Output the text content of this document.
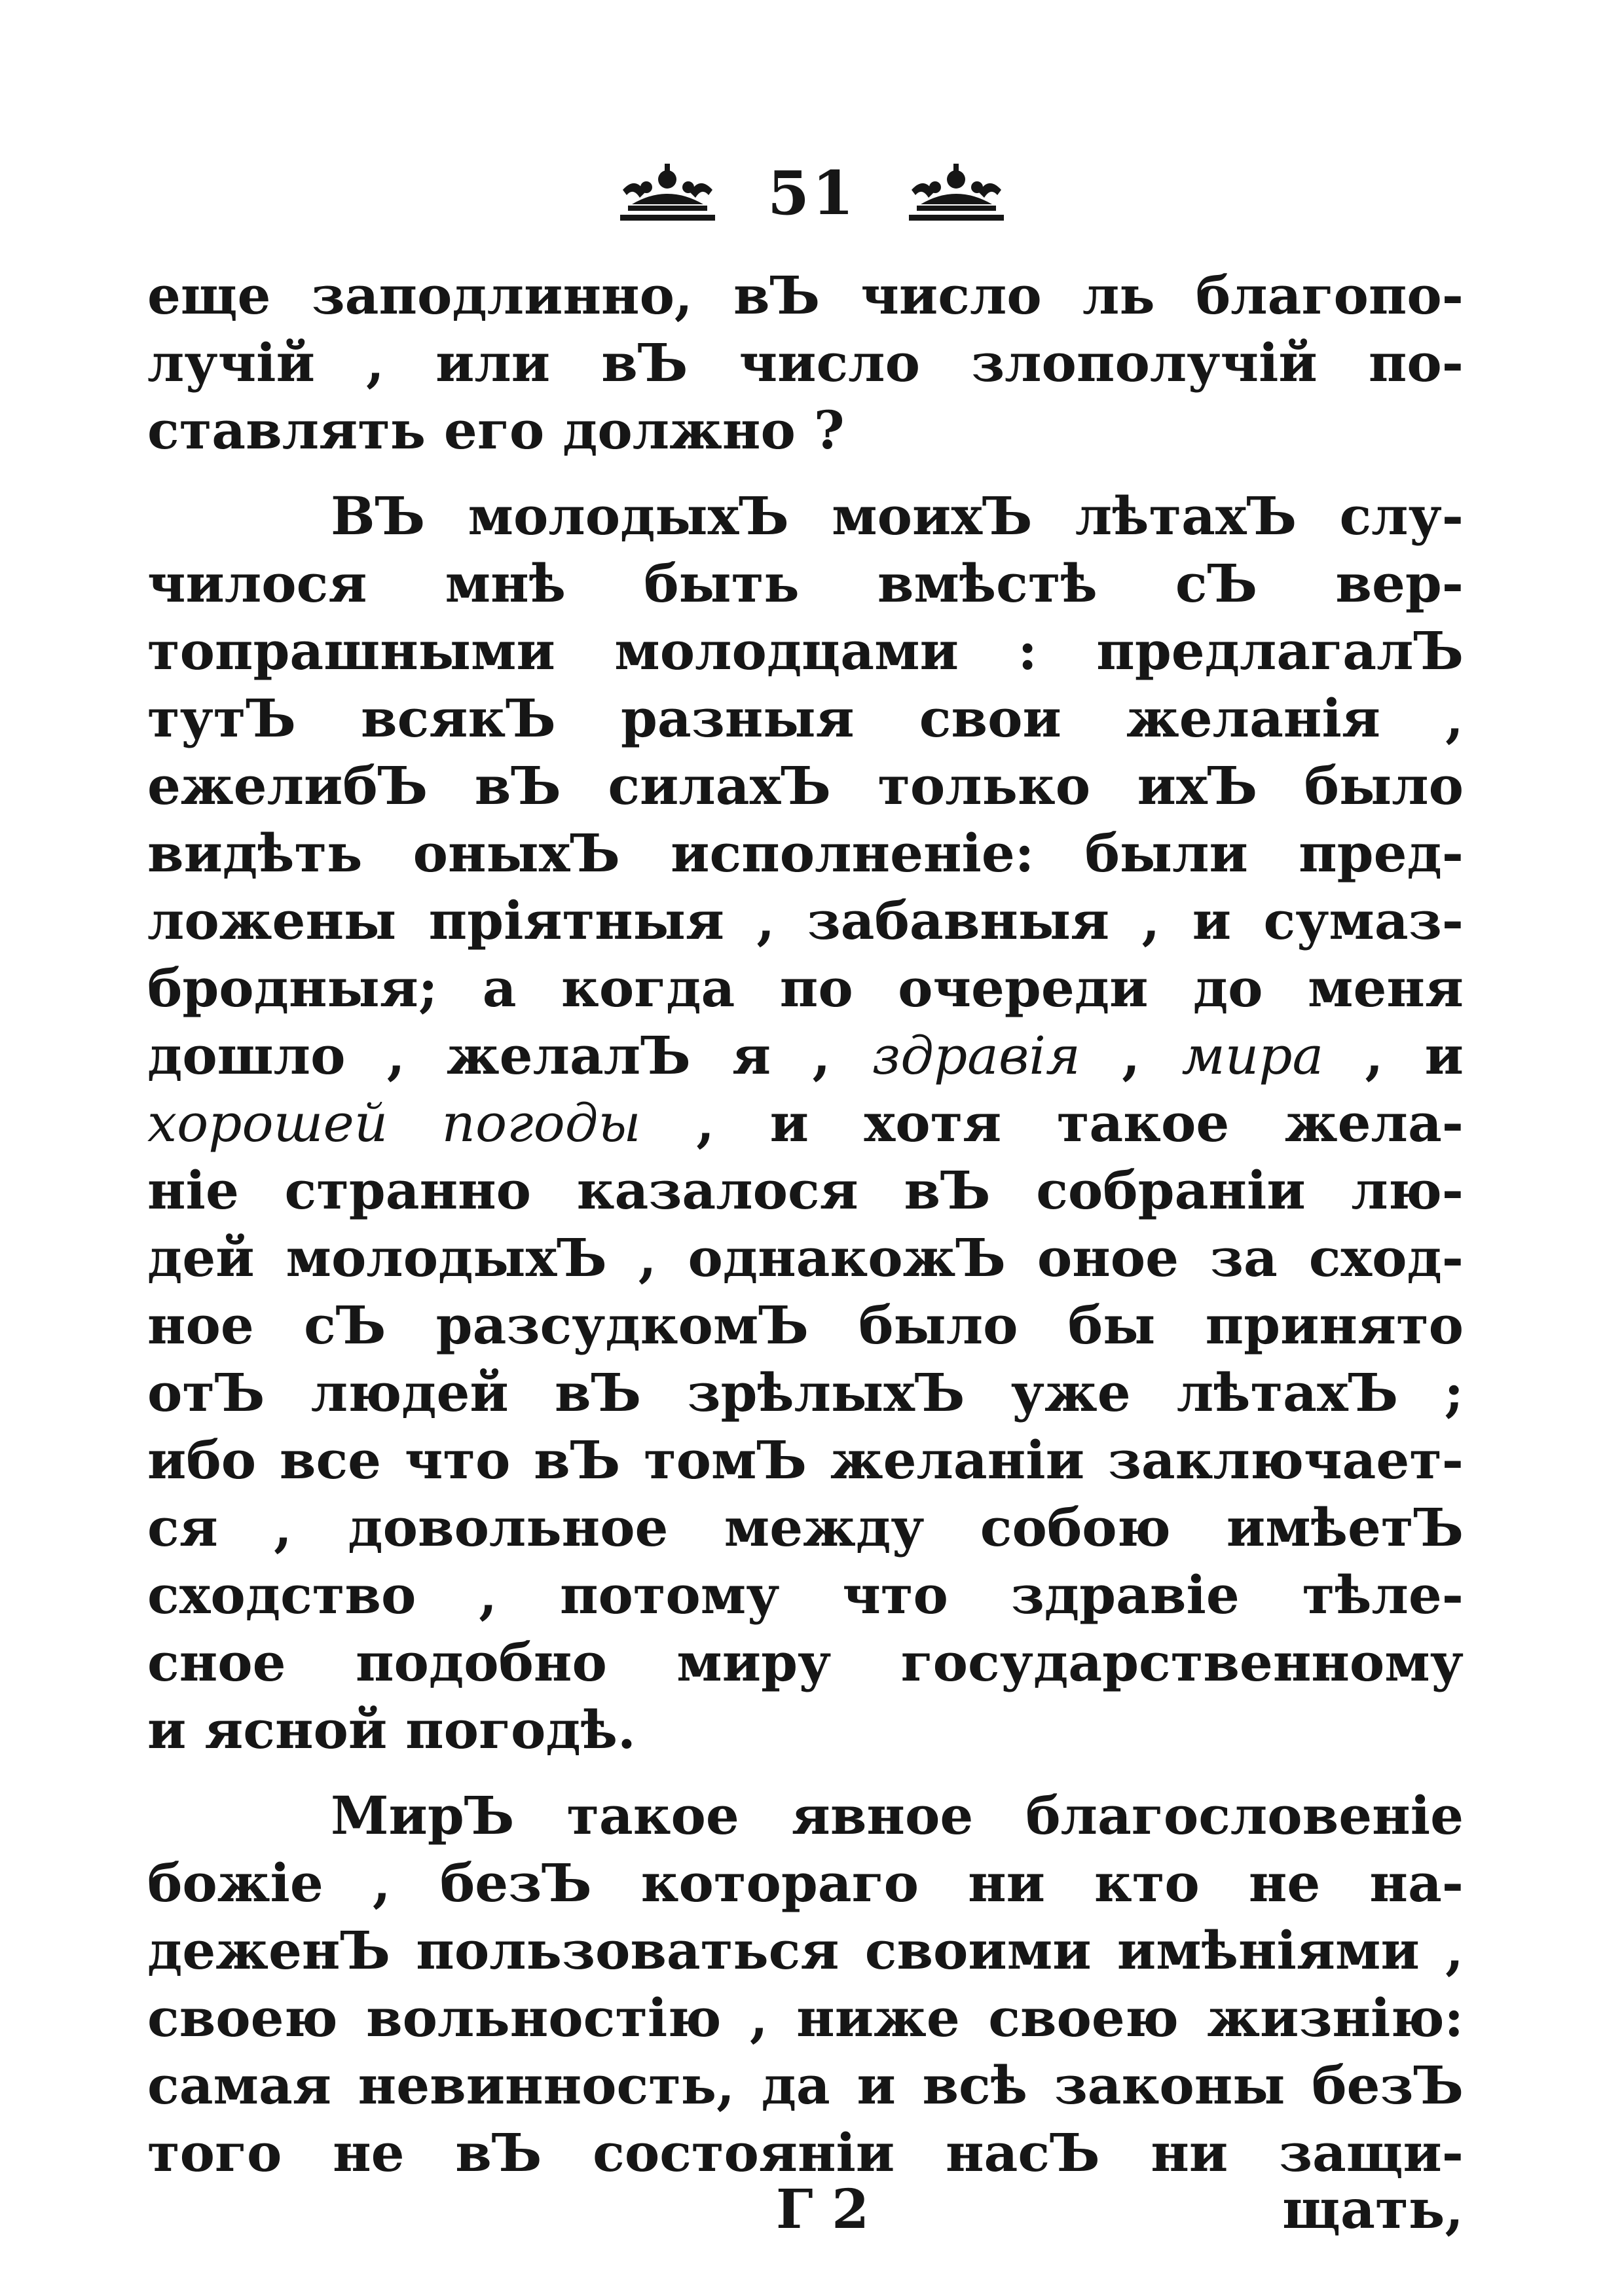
51
еще заподлинно, вЪ число ль благопо-
лучій , или вЪ число злополучій по-
ставлять его должно ?
ВЪ молодыхЪ моихЪ лѣтахЪ слу-
чилося мнѣ быть вмѣстѣ сЪ вер-
топрашными молодцами : предлагалЪ
тутЪ всякЪ разныя свои желанія ,
ежелибЪ вЪ силахЪ только ихЪ было
видѣть оныхЪ исполненіе: были пред-
ложены пріятныя , забавныя , и сумаз-
бродныя; а когда по очереди до меня
дошло , желалЪ я , здравія , мира , и
хорошей погоды , и хотя такое жела-
ніе странно казалося вЪ собраніи лю-
дей молодыхЪ , однакожЪ оное за сход-
ное сЪ разсудкомЪ было бы принято
отЪ людей вЪ зрѣлыхЪ уже лѣтахЪ ;
ибо все что вЪ томЪ желаніи заключает-
ся , довольное между собою имѣетЪ
сходство , потому что здравіе тѣле-
сное подобно миру государственному
и ясной погодѣ.
МирЪ такое явное благословеніе
божіе , безЪ котораго ни кто не на-
деженЪ пользоваться своими имѣніями ,
своею вольностію , ниже своею жизнію:
самая невинность, да и всѣ законы безЪ
того не вЪ состояніи насЪ ни защи-
Г 2	щать,
